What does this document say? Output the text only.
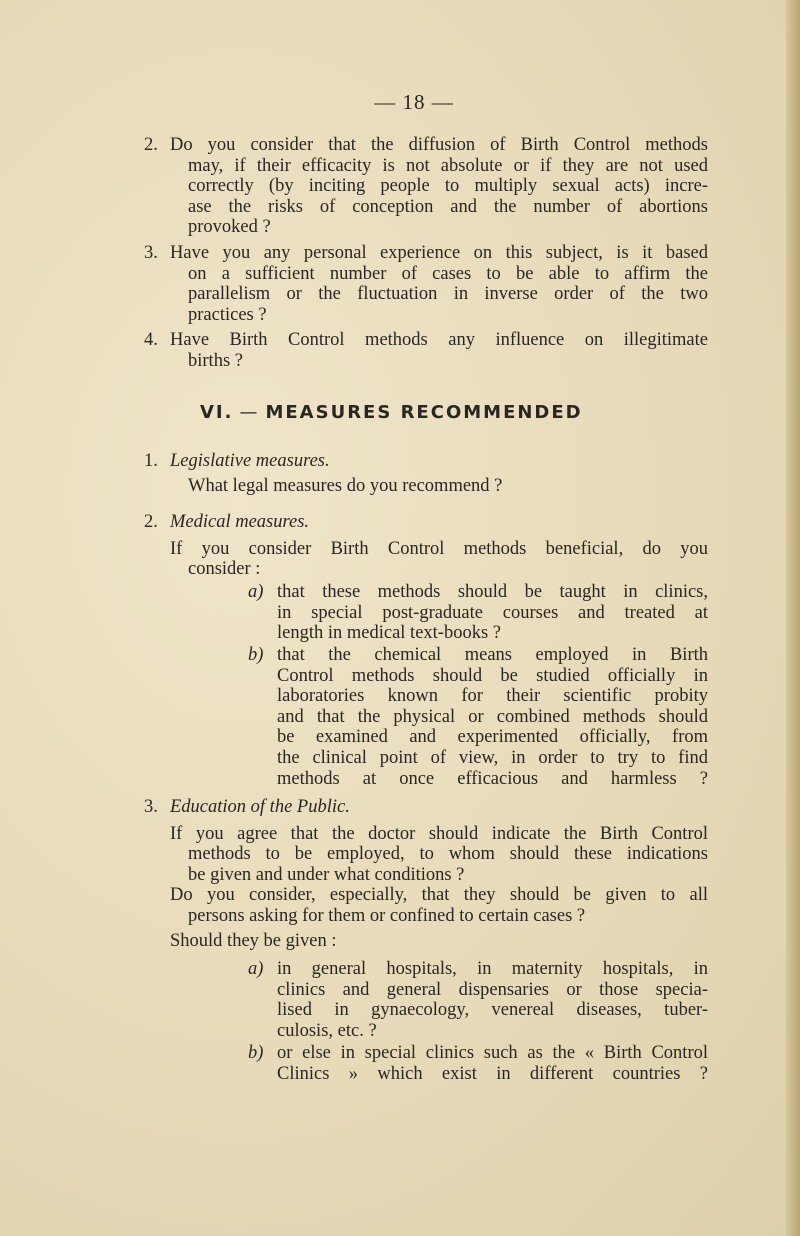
— 18 —
2. Do you consider that the diffusion of Birth Control methods
may, if their efficacity is not absolute or if they are not used
correctly (by inciting people to multiply sexual acts) incre-
ase the risks of conception and the number of abortions
provoked ?
3. Have you any personal experience on this subject, is it based
on a sufficient number of cases to be able to affirm the
parallelism or the fluctuation in inverse order of the two
practices ?
4. Have Birth Control methods any influence on illegitimate
births ?
VI. — MEASURES RECOMMENDED
1. Legislative measures.
What legal measures do you recommend ?
2. Medical measures.
If you consider Birth Control methods beneficial, do you
consider :
a) that these methods should be taught in clinics,
in special post-graduate courses and treated at
length in medical text-books ?
b) that the chemical means employed in Birth
Control methods should be studied officially in
laboratories known for their scientific probity
and that the physical or combined methods should
be examined and experimented officially, from
the clinical point of view, in order to try to find
methods at once efficacious and harmless ?
3. Education of the Public.
If you agree that the doctor should indicate the Birth Control
methods to be employed, to whom should these indications
be given and under what conditions ?
Do you consider, especially, that they should be given to all
persons asking for them or confined to certain cases ?
Should they be given :
a) in general hospitals, in maternity hospitals, in
clinics and general dispensaries or those specia-
lised in gynaecology, venereal diseases, tuber-
culosis, etc. ?
b) or else in special clinics such as the « Birth Control
Clinics » which exist in different countries ?
